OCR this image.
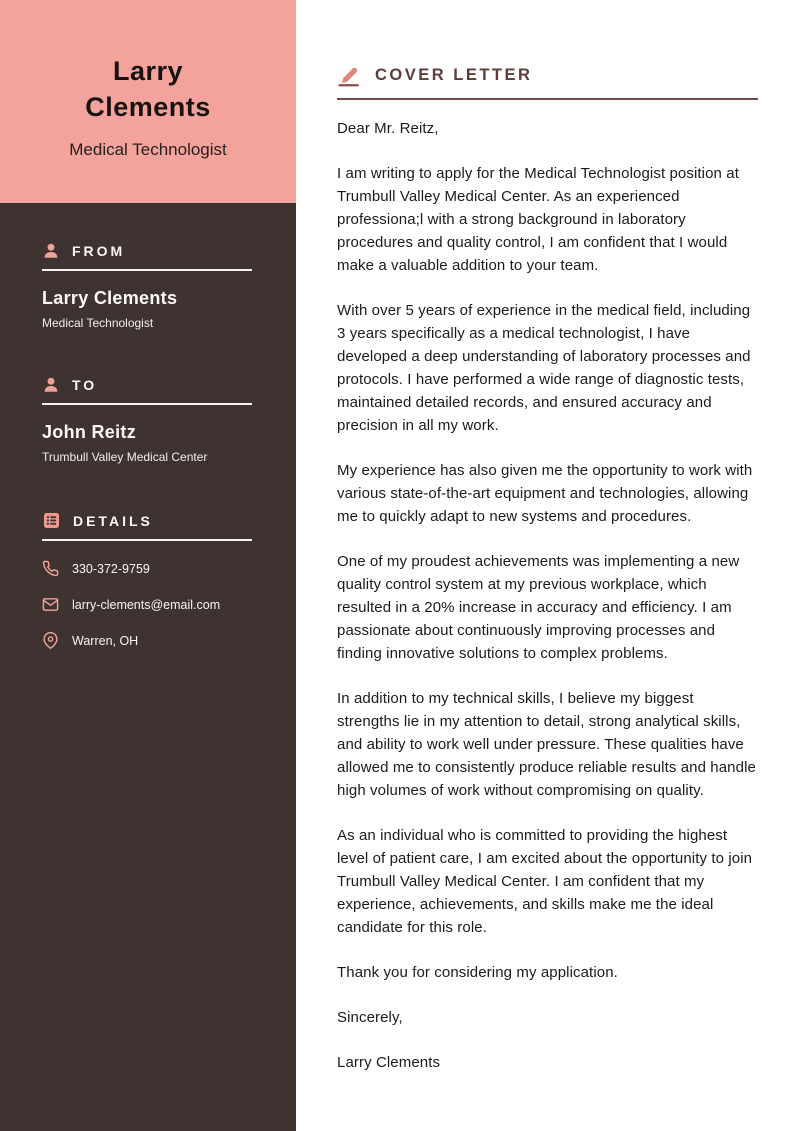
Larry Clements
Medical Technologist
FROM
Larry Clements
Medical Technologist
TO
John Reitz
Trumbull Valley Medical Center
DETAILS
330-372-9759
larry-clements@email.com
Warren, OH
COVER LETTER

Dear Mr. Reitz,

I am writing to apply for the Medical Technologist position at Trumbull Valley Medical Center. As an experienced professiona;l with a strong background in laboratory procedures and quality control, I am confident that I would make a valuable addition to your team.

With over 5 years of experience in the medical field, including 3 years specifically as a medical technologist, I have developed a deep understanding of laboratory processes and protocols. I have performed a wide range of diagnostic tests, maintained detailed records, and ensured accuracy and precision in all my work.

My experience has also given me the opportunity to work with various state-of-the-art equipment and technologies, allowing me to quickly adapt to new systems and procedures.

One of my proudest achievements was implementing a new quality control system at my previous workplace, which resulted in a 20% increase in accuracy and efficiency. I am passionate about continuously improving processes and finding innovative solutions to complex problems.

In addition to my technical skills, I believe my biggest strengths lie in my attention to detail, strong analytical skills, and ability to work well under pressure. These qualities have allowed me to consistently produce reliable results and handle high volumes of work without compromising on quality.

As an individual who is committed to providing the highest level of patient care, I am excited about the opportunity to join Trumbull Valley Medical Center. I am confident that my experience, achievements, and skills make me the ideal candidate for this role.

Thank you for considering my application.

Sincerely,

Larry Clements
